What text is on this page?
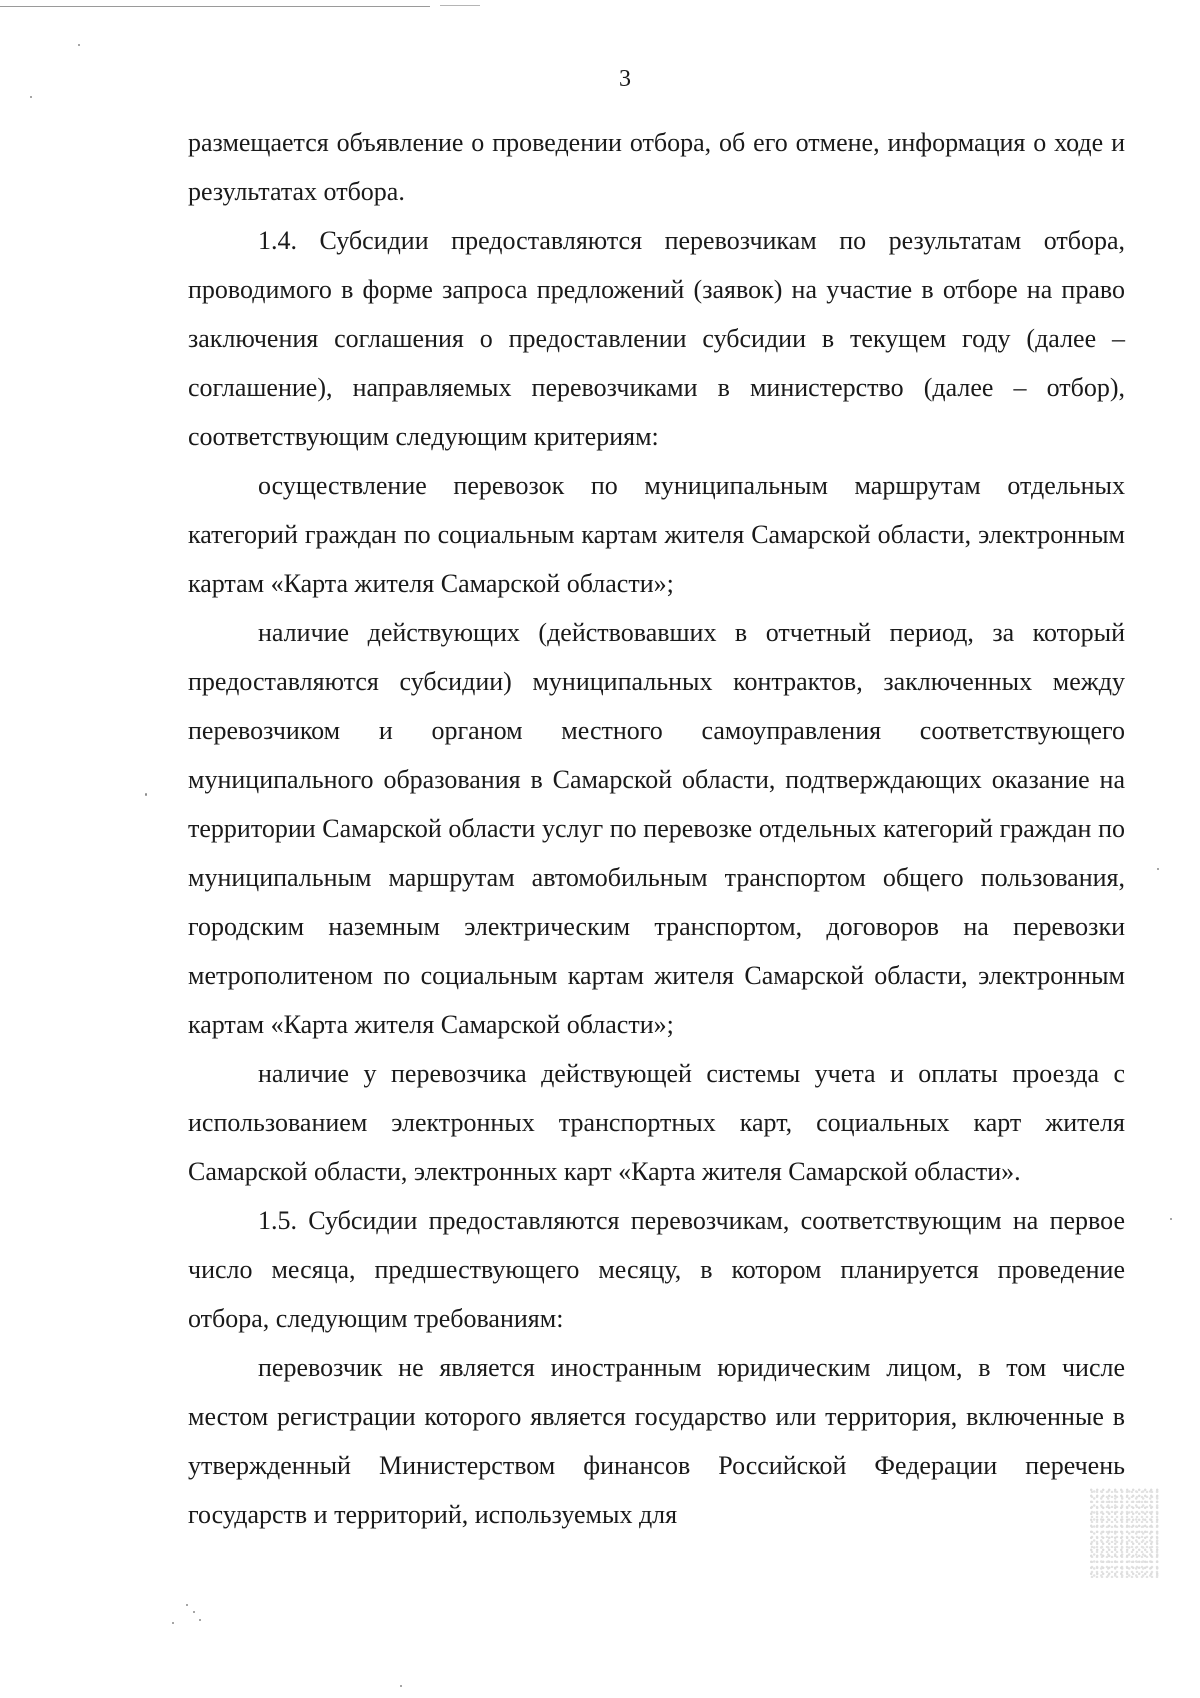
3

размещается объявление о проведении отбора, об его отмене, информация о ходе и результатах отбора.

1.4. Субсидии предоставляются перевозчикам по результатам отбора, проводимого в форме запроса предложений (заявок) на участие в отборе на право заключения соглашения о предоставлении субсидии в текущем году (далее – соглашение), направляемых перевозчиками в министерство (далее – отбор), соответствующим следующим критериям:

осуществление перевозок по муниципальным маршрутам отдельных категорий граждан по социальным картам жителя Самарской области, электронным картам «Карта жителя Самарской области»;

наличие действующих (действовавших в отчетный период, за который предоставляются субсидии) муниципальных контрактов, заключенных между перевозчиком и органом местного самоуправления соответствующего муниципального образования в Самарской области, подтверждающих оказание на территории Самарской области услуг по перевозке отдельных категорий граждан по муниципальным маршрутам автомобильным транспортом общего пользования, городским наземным электрическим транспортом, договоров на перевозки метрополитеном по социальным картам жителя Самарской области, электронным картам «Карта жителя Самарской области»;

наличие у перевозчика действующей системы учета и оплаты проезда с использованием электронных транспортных карт, социальных карт жителя Самарской области, электронных карт «Карта жителя Самарской области».

1.5. Субсидии предоставляются перевозчикам, соответствующим на первое число месяца, предшествующего месяцу, в котором планируется проведение отбора, следующим требованиям:

перевозчик не является иностранным юридическим лицом, в том числе местом регистрации которого является государство или территория, включенные в утвержденный Министерством финансов Российской Федерации перечень государств и территорий, используемых для
